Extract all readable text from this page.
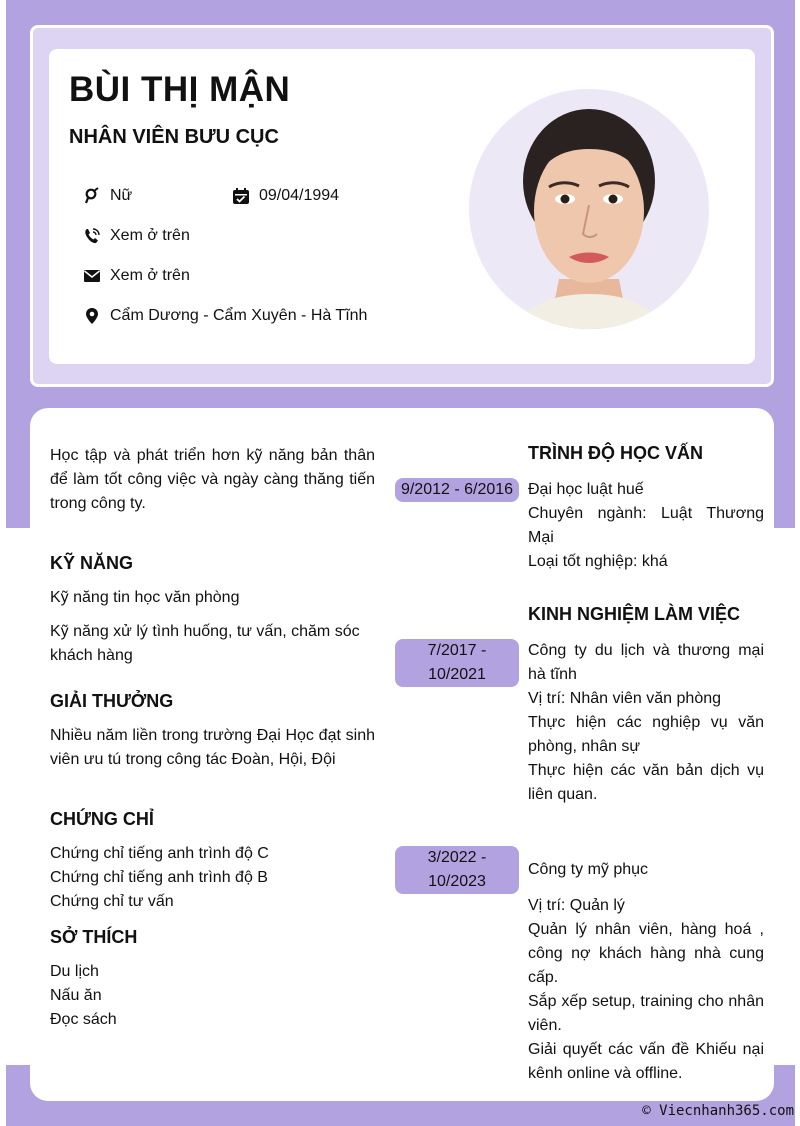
BÙI THỊ MẬN
NHÂN VIÊN BƯU CỤC
Nữ	09/04/1994
Xem ở trên
Xem ở trên
Cẩm Dương - Cẩm Xuyên - Hà Tĩnh
Học tập và phát triển hơn kỹ năng bản thân để làm tốt công việc và ngày càng thăng tiến trong công ty.
KỸ NĂNG
Kỹ năng tin học văn phòng
Kỹ năng xử lý tình huống, tư vấn, chăm sóc khách hàng
GIẢI THƯỞNG
Nhiều năm liền trong trường Đại Học đạt sinh viên ưu tú trong công tác Đoàn, Hội, Đội
CHỨNG CHỈ
Chứng chỉ tiếng anh trình độ C
Chứng chỉ tiếng anh trình độ B
Chứng chỉ tư vấn
SỞ THÍCH
Du lịch
Nấu ăn
Đọc sách
9/2012 - 6/2016
7/2017 -
10/2021
3/2022 -
10/2023
TRÌNH ĐỘ HỌC VẤN
Đại học luật huế
Chuyên ngành: Luật Thương Mại
Loại tốt nghiệp: khá
KINH NGHIỆM LÀM VIỆC
Công ty du lịch và thương mại hà tĩnh
Vị trí: Nhân viên văn phòng
Thực hiện các nghiệp vụ văn phòng, nhân sự
Thực hiện các văn bản dịch vụ liên quan.
Công ty mỹ phục
Vị trí: Quản lý
Quản lý nhân viên, hàng hoá , công nợ khách hàng nhà cung cấp.
Sắp xếp setup, training cho nhân viên.
Giải quyết các vấn đề Khiếu nại kênh online và offline.
© Viecnhanh365.com
